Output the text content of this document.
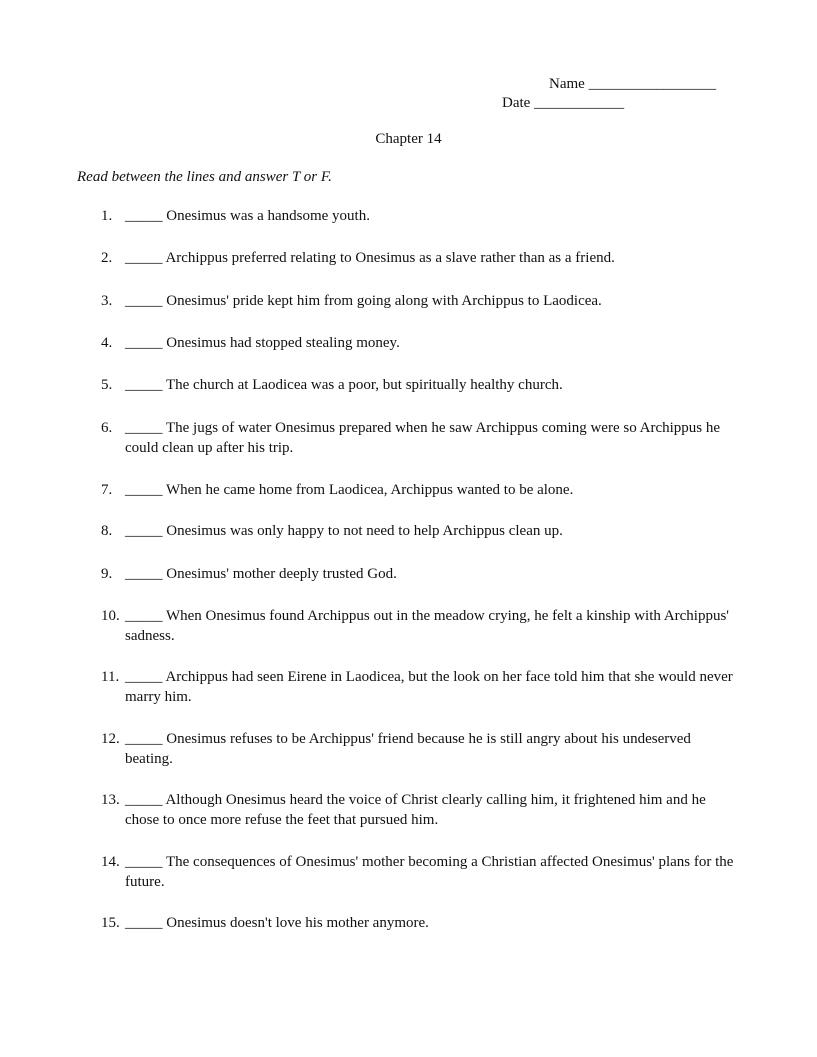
Name _________________
Date ____________
Chapter 14
Read between the lines and answer T or F.
1. _____ Onesimus was a handsome youth.
2. _____ Archippus preferred relating to Onesimus as a slave rather than as a friend.
3. _____ Onesimus' pride kept him from going along with Archippus to Laodicea.
4. _____ Onesimus had stopped stealing money.
5. _____ The church at Laodicea was a poor, but spiritually healthy church.
6. _____ The jugs of water Onesimus prepared when he saw Archippus coming were so Archippus he could clean up after his trip.
7. _____ When he came home from Laodicea, Archippus wanted to be alone.
8. _____ Onesimus was only happy to not need to help Archippus clean up.
9. _____ Onesimus' mother deeply trusted God.
10. _____ When Onesimus found Archippus out in the meadow crying, he felt a kinship with Archippus' sadness.
11. _____ Archippus had seen Eirene in Laodicea, but the look on her face told him that she would never marry him.
12. _____ Onesimus refuses to be Archippus' friend because he is still angry about his undeserved beating.
13. _____ Although Onesimus heard the voice of Christ clearly calling him, it frightened him and he chose to once more refuse the feet that pursued him.
14. _____ The consequences of Onesimus' mother becoming a Christian affected Onesimus' plans for the future.
15. _____ Onesimus doesn't love his mother anymore.
